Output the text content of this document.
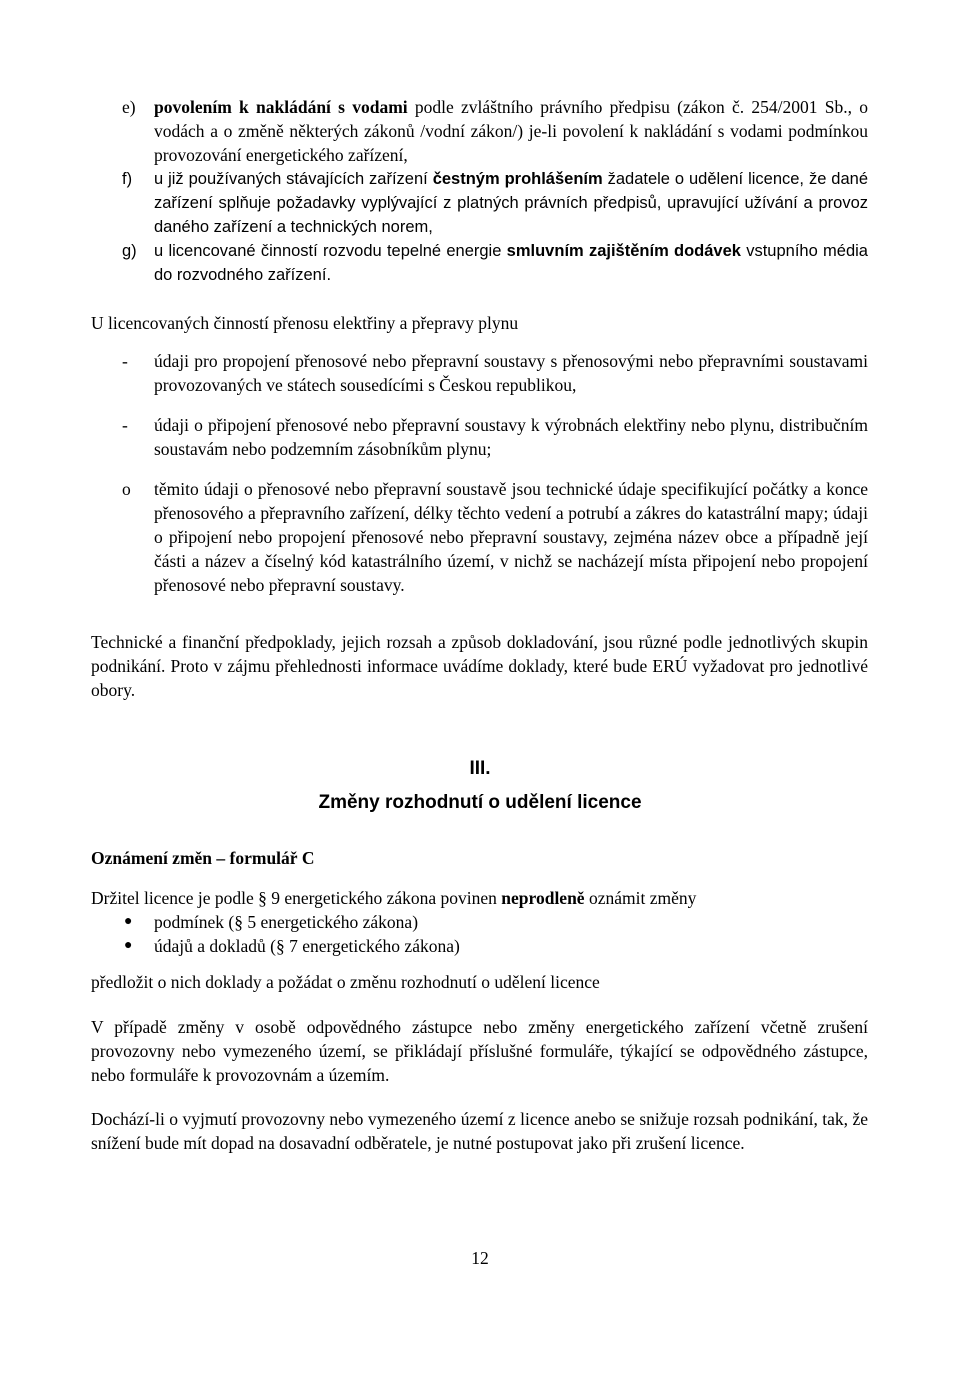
e) povolením k nakládání s vodami podle zvláštního právního předpisu (zákon č. 254/2001 Sb., o vodách a o změně některých zákonů /vodní zákon/) je-li povolení k nakládání s vodami podmínkou provozování energetického zařízení,
f) u již používaných stávajících zařízení čestným prohlášením žadatele o udělení licence, že dané zařízení splňuje požadavky vyplývající z platných právních předpisů, upravující užívání a provoz daného zařízení a technických norem,
g) u licencované činností rozvodu tepelné energie smluvním zajištěním dodávek vstupního média do rozvodného zařízení.
U licencovaných činností přenosu elektřiny a přepravy plynu
- údaji pro propojení přenosové nebo přepravní soustavy s přenosovými nebo přepravními soustavami provozovaných ve státech sousedícími s Českou republikou,
- údaji o připojení přenosové nebo přepravní soustavy k výrobnách elektřiny nebo plynu, distribučním soustavám nebo podzemním zásobníkům plynu;
o těmito údaji o přenosové nebo přepravní soustavě jsou technické údaje specifikující počátky a konce přenosového a přepravního zařízení, délky těchto vedení a potrubí a zákres do katastrální mapy; údaji o připojení nebo propojení přenosové nebo přepravní soustavy, zejména název obce a případně její části a název a číselný kód katastrálního území, v nichž se nacházejí místa připojení nebo propojení přenosové nebo přepravní soustavy.
Technické a finanční předpoklady, jejich rozsah a způsob dokladování, jsou různé podle jednotlivých skupin podnikání. Proto v zájmu přehlednosti informace uvádíme doklady, které bude ERÚ vyžadovat pro jednotlivé obory.
III.
Změny rozhodnutí o udělení licence
Oznámení změn – formulář C
Držitel licence je podle § 9 energetického zákona povinen neprodleně oznámit změny
● podmínek (§ 5 energetického zákona)
● údajů a dokladů (§ 7 energetického zákona)
předložit o nich doklady a požádat o změnu rozhodnutí o udělení licence
V případě změny v osobě odpovědného zástupce nebo změny energetického zařízení včetně zrušení provozovny nebo vymezeného území, se přikládají příslušné formuláře, týkající se odpovědného zástupce, nebo formuláře k provozovnám a územím.
Dochází-li o vyjmutí provozovny nebo vymezeného území z licence anebo se snižuje rozsah podnikání, tak, že snížení bude mít dopad na dosavadní odběratele, je nutné postupovat jako při zrušení licence.
12
